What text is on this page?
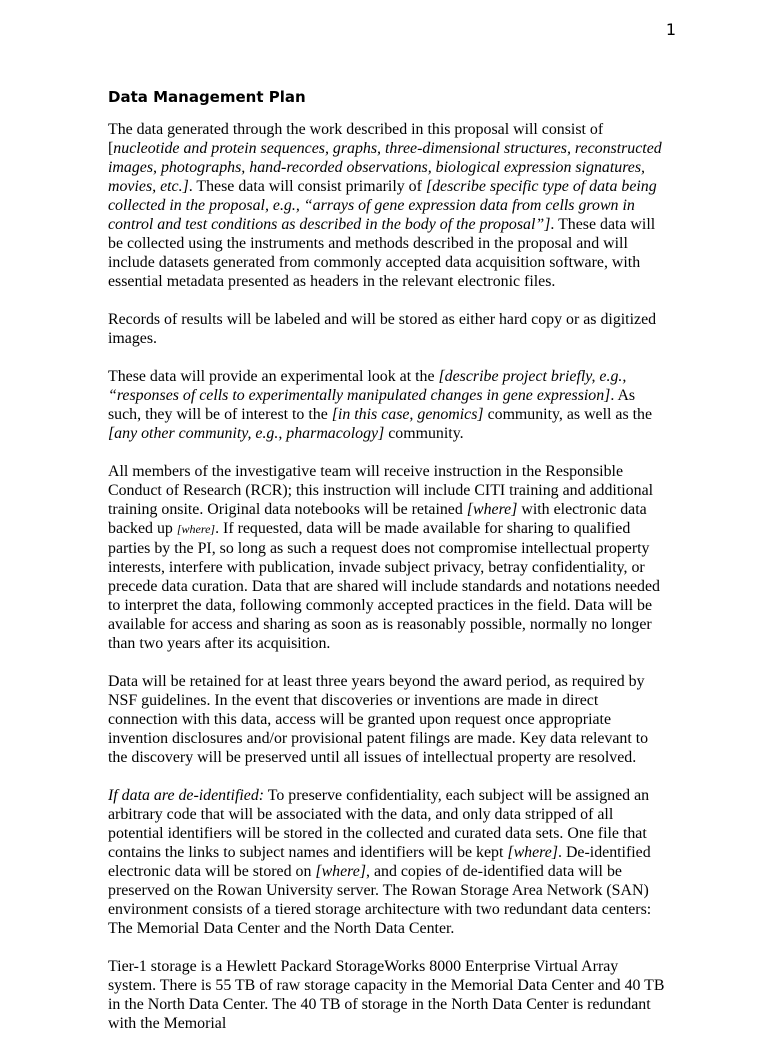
1
Data Management Plan

The data generated through the work described in this proposal will consist of [nucleotide and protein sequences, graphs, three-dimensional structures, reconstructed images, photographs, hand-recorded observations, biological expression signatures, movies, etc.]. These data will consist primarily of [describe specific type of data being collected in the proposal, e.g., “arrays of gene expression data from cells grown in control and test conditions as described in the body of the proposal”]. These data will be collected using the instruments and methods described in the proposal and will include datasets generated from commonly accepted data acquisition software, with essential metadata presented as headers in the relevant electronic files.

Records of results will be labeled and will be stored as either hard copy or as digitized images.

These data will provide an experimental look at the [describe project briefly, e.g., “responses of cells to experimentally manipulated changes in gene expression]. As such, they will be of interest to the [in this case, genomics] community, as well as the [any other community, e.g., pharmacology] community.

All members of the investigative team will receive instruction in the Responsible Conduct of Research (RCR); this instruction will include CITI training and additional training onsite. Original data notebooks will be retained [where] with electronic data backed up [where]. If requested, data will be made available for sharing to qualified parties by the PI, so long as such a request does not compromise intellectual property interests, interfere with publication, invade subject privacy, betray confidentiality, or precede data curation. Data that are shared will include standards and notations needed to interpret the data, following commonly accepted practices in the field. Data will be available for access and sharing as soon as is reasonably possible, normally no longer than two years after its acquisition.

Data will be retained for at least three years beyond the award period, as required by NSF guidelines. In the event that discoveries or inventions are made in direct connection with this data, access will be granted upon request once appropriate invention disclosures and/or provisional patent filings are made. Key data relevant to the discovery will be preserved until all issues of intellectual property are resolved.

If data are de-identified: To preserve confidentiality, each subject will be assigned an arbitrary code that will be associated with the data, and only data stripped of all potential identifiers will be stored in the collected and curated data sets. One file that contains the links to subject names and identifiers will be kept [where]. De-identified electronic data will be stored on [where], and copies of de-identified data will be preserved on the Rowan University server. The Rowan Storage Area Network (SAN) environment consists of a tiered storage architecture with two redundant data centers: The Memorial Data Center and the North Data Center.

Tier-1 storage is a Hewlett Packard StorageWorks 8000 Enterprise Virtual Array system. There is 55 TB of raw storage capacity in the Memorial Data Center and 40 TB in the North Data Center. The 40 TB of storage in the North Data Center is redundant with the Memorial
